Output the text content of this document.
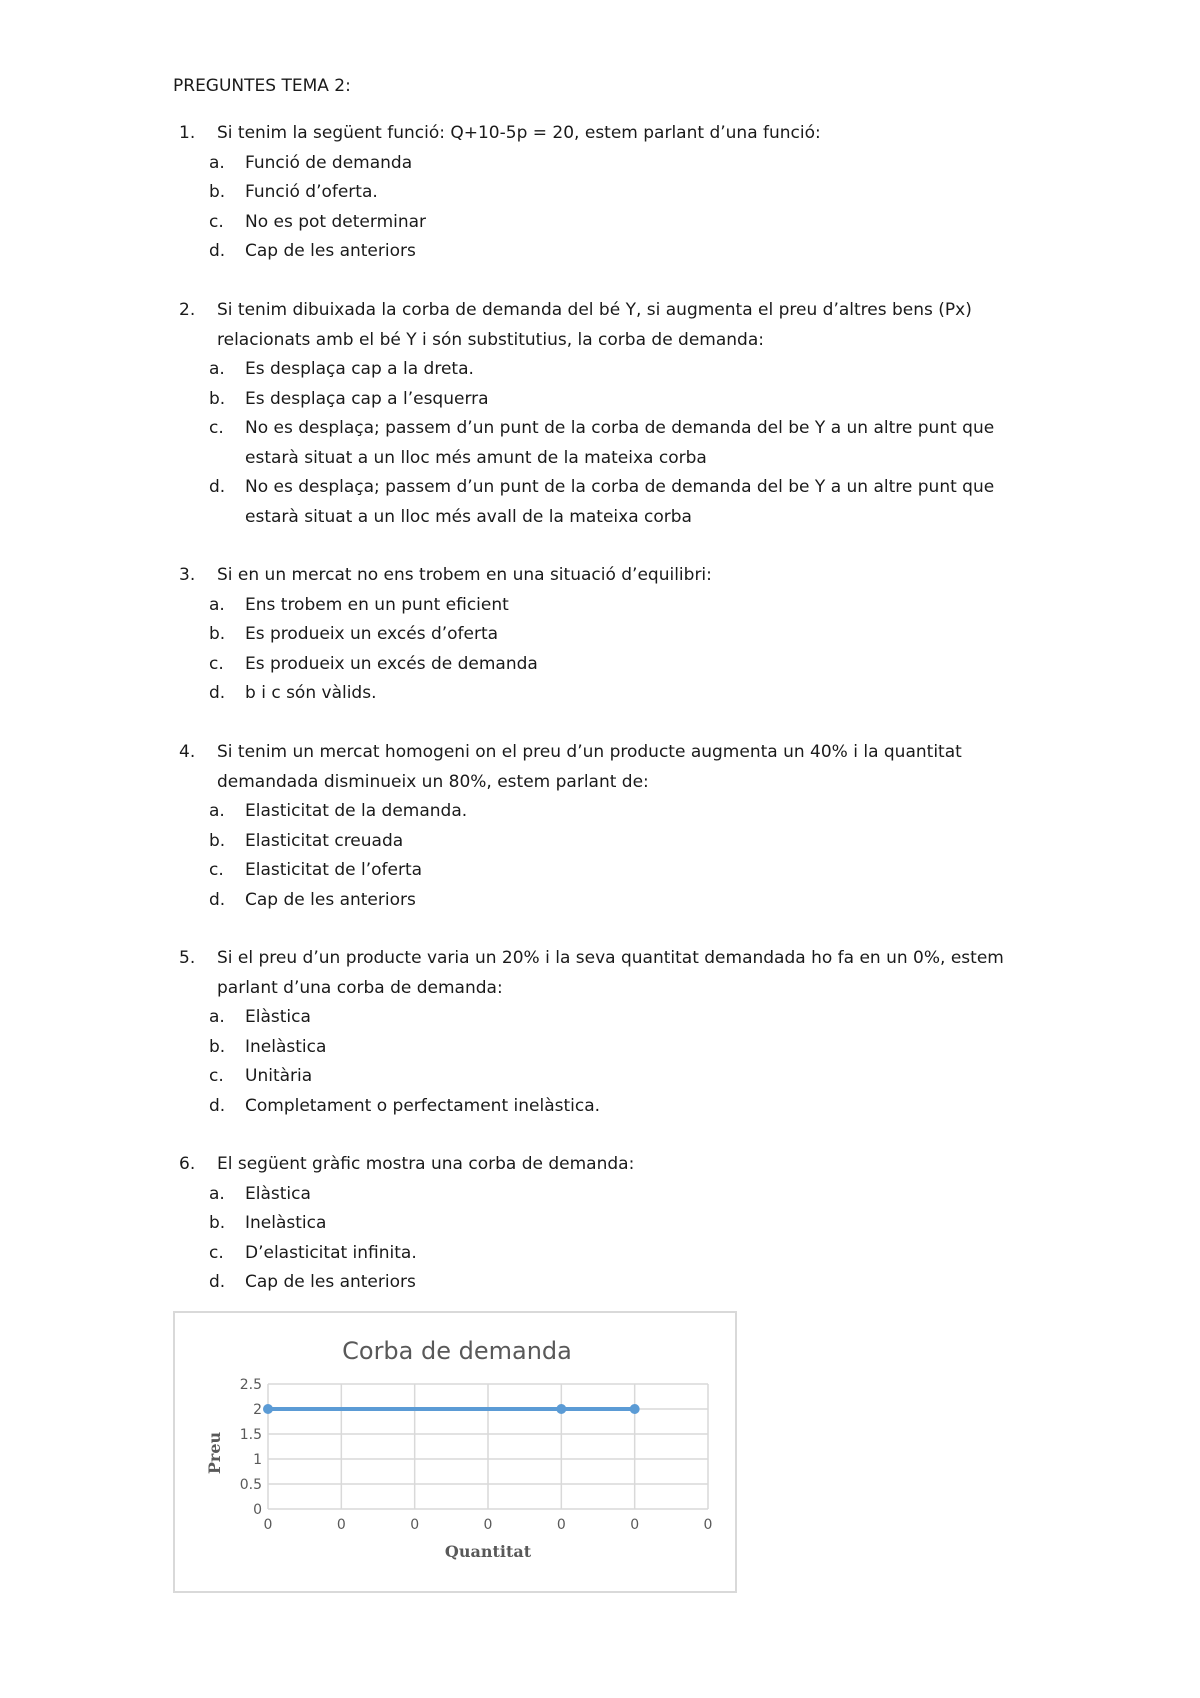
PREGUNTES TEMA 2:
1. Si tenim la següent funció: Q+10-5p = 20, estem parlant d’una funció:
a. Funció de demanda
b. Funció d’oferta.
c. No es pot determinar
d. Cap de les anteriors
2. Si tenim dibuixada la corba de demanda del bé Y, si augmenta el preu d’altres bens (Px) relacionats amb el bé Y i són substitutius, la corba de demanda:
a. Es desplaça cap a la dreta.
b. Es desplaça cap a l’esquerra
c. No es desplaça; passem d’un punt de la corba de demanda del be Y a un altre punt que estarà situat a un lloc més amunt de la mateixa corba
d. No es desplaça; passem d’un punt de la corba de demanda del be Y a un altre punt que estarà situat a un lloc més avall de la mateixa corba
3. Si en un mercat no ens trobem en una situació d’equilibri:
a. Ens trobem en un punt eficient
b. Es produeix un excés d’oferta
c. Es produeix un excés de demanda
d. b i c són vàlids.
4. Si tenim un mercat homogeni on el preu d’un producte augmenta un 40% i la quantitat demandada disminueix un 80%, estem parlant de:
a. Elasticitat de la demanda.
b. Elasticitat creuada
c. Elasticitat de l’oferta
d. Cap de les anteriors
5. Si el preu d’un producte varia un 20% i la seva quantitat demandada ho fa en un 0%, estem parlant d’una corba de demanda:
a. Elàstica
b. Inelàstica
c. Unitària
d. Completament o perfectament inelàstica.
6. El següent gràfic mostra una corba de demanda:
a. Elàstica
b. Inelàstica
c. D’elasticitat infinita.
d. Cap de les anteriors
Corba de demanda
0
0.5
1
1.5
2
2.5
0	0	0	0	0	0	0
Quantitat
Preu
